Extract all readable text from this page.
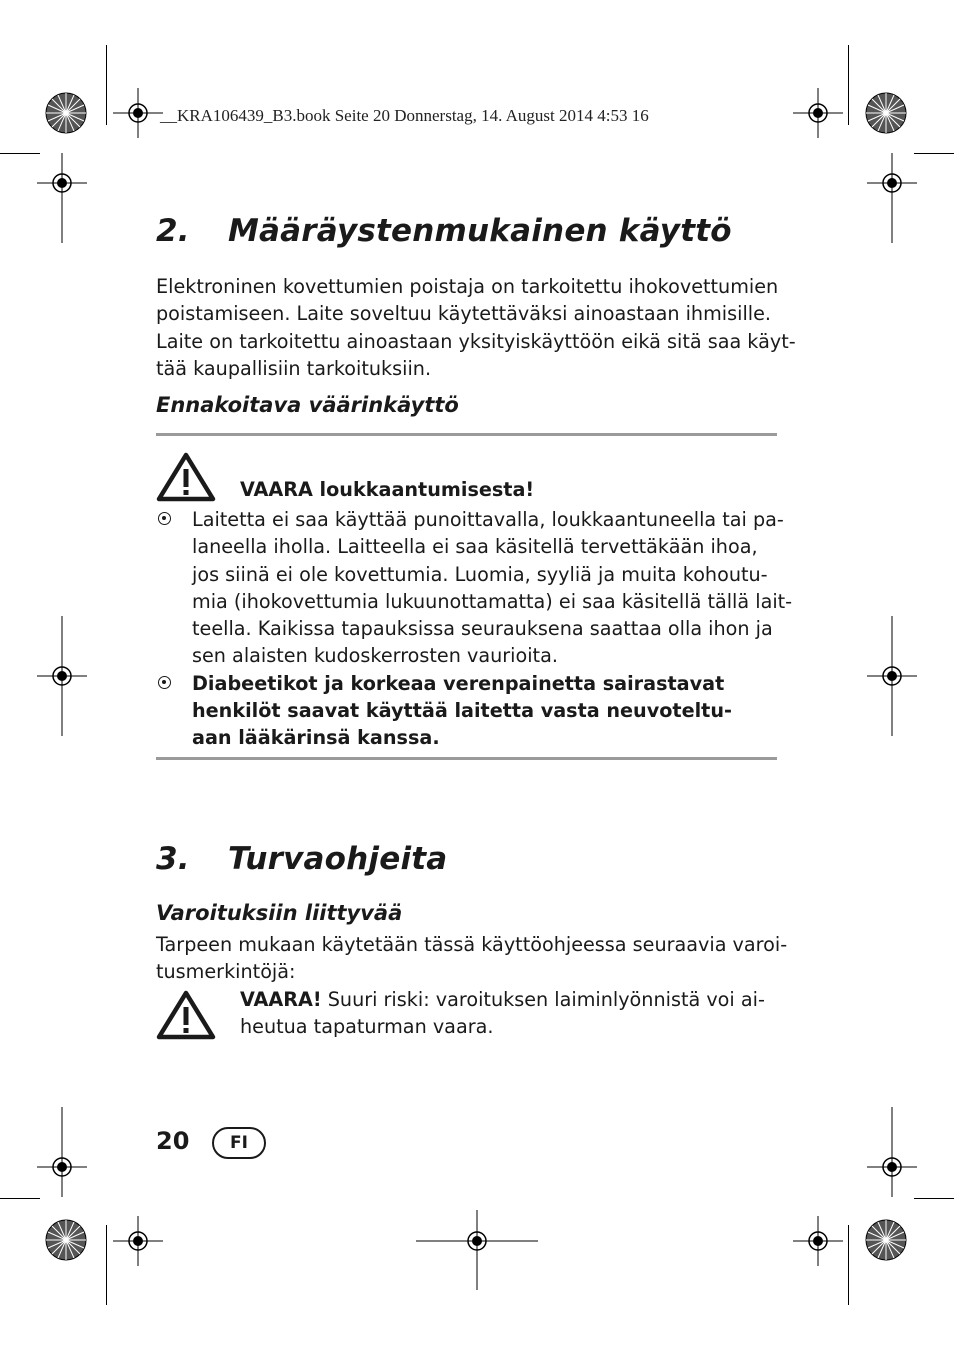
__KRA106439_B3.book Seite 20 Donnerstag, 14. August 2014 4:53 16
2. Määräystenmukainen käyttö
Elektroninen kovettumien poistaja on tarkoitettu ihokovettumien
poistamiseen. Laite soveltuu käytettäväksi ainoastaan ihmisille.
Laite on tarkoitettu ainoastaan yksityiskäyttöön eikä sitä saa käyt-
tää kaupallisiin tarkoituksiin.
Ennakoitava väärinkäyttö
VAARA loukkaantumisesta!
Laitetta ei saa käyttää punoittavalla, loukkaantuneella tai pa-
laneella iholla. Laitteella ei saa käsitellä tervettäkään ihoa,
jos siinä ei ole kovettumia. Luomia, syyliä ja muita kohoutu-
mia (ihokovettumia lukuunottamatta) ei saa käsitellä tällä lait-
teella. Kaikissa tapauksissa seurauksena saattaa olla ihon ja
sen alaisten kudoskerrosten vaurioita.
Diabeetikot ja korkeaa verenpainetta sairastavat
henkilöt saavat käyttää laitetta vasta neuvoteltu-
aan lääkärinsä kanssa.
3. Turvaohjeita
Varoituksiin liittyvää
Tarpeen mukaan käytetään tässä käyttöohjeessa seuraavia varoi-
tusmerkintöjä:
VAARA! Suuri riski: varoituksen laiminlyönnistä voi ai-
heutua tapaturman vaara.
20	FI
